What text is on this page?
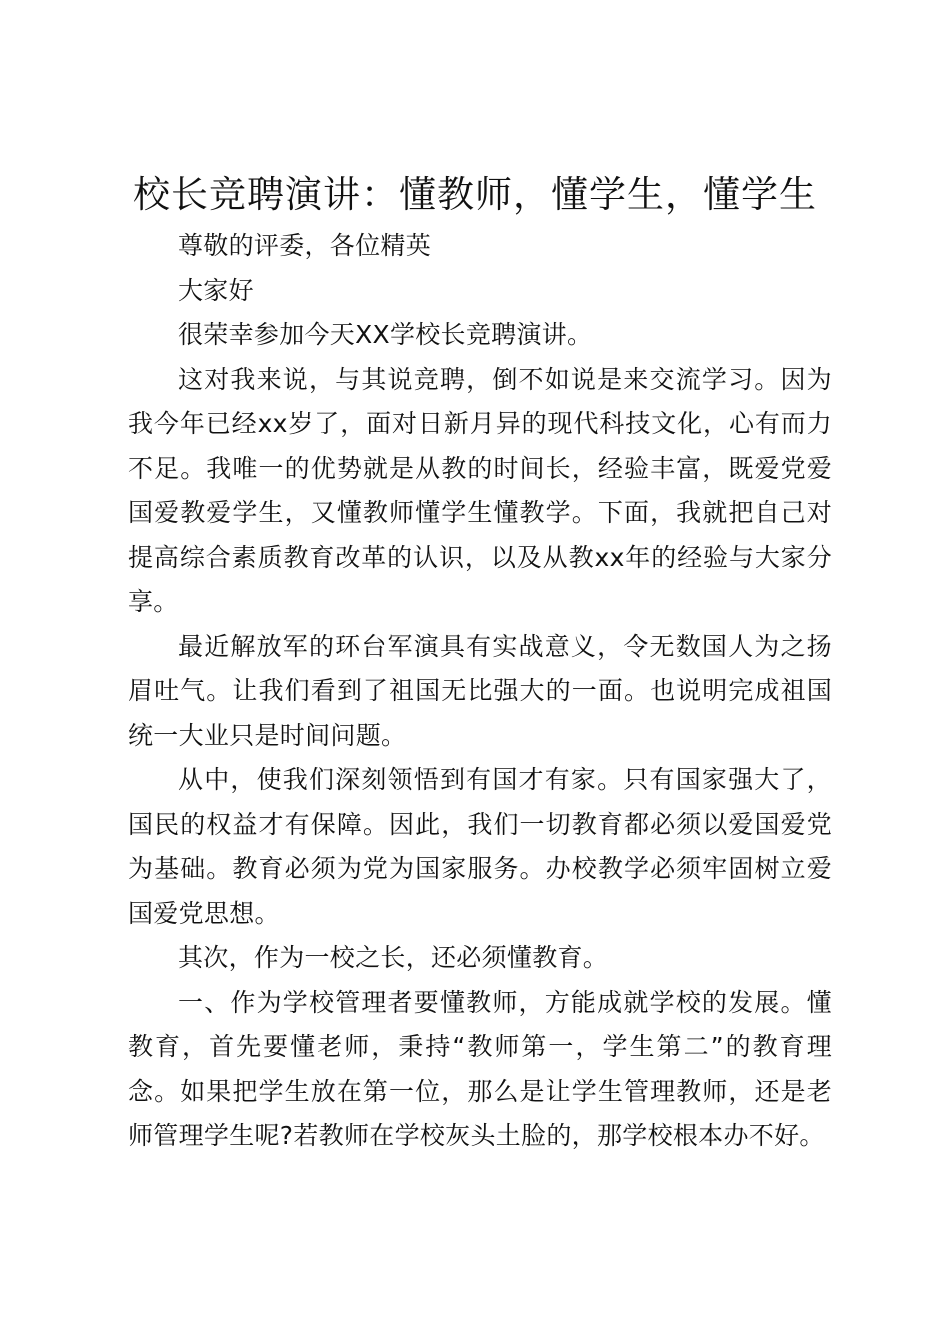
校长竞聘演讲：懂教师，懂学生，懂学生

尊敬的评委，各位精英

大家好

很荣幸参加今天XX学校长竞聘演讲。

这对我来说，与其说竞聘，倒不如说是来交流学习。因为我今年已经xx岁了，面对日新月异的现代科技文化，心有而力不足。我唯一的优势就是从教的时间长，经验丰富，既爱党爱国爱教爱学生，又懂教师懂学生懂教学。下面，我就把自己对提高综合素质教育改革的认识，以及从教xx年的经验与大家分享。

最近解放军的环台军演具有实战意义，令无数国人为之扬眉吐气。让我们看到了祖国无比强大的一面。也说明完成祖国统一大业只是时间问题。

从中，使我们深刻领悟到有国才有家。只有国家强大了，国民的权益才有保障。因此，我们一切教育都必须以爱国爱党为基础。教育必须为党为国家服务。办校教学必须牢固树立爱国爱党思想。

其次，作为一校之长，还必须懂教育。

一、作为学校管理者要懂教师，方能成就学校的发展。懂教育，首先要懂老师，秉持“教师第一，学生第二”的教育理念。如果把学生放在第一位，那么是让学生管理教师，还是老师管理学生呢?若教师在学校灰头土脸的，那学校根本办不好。
